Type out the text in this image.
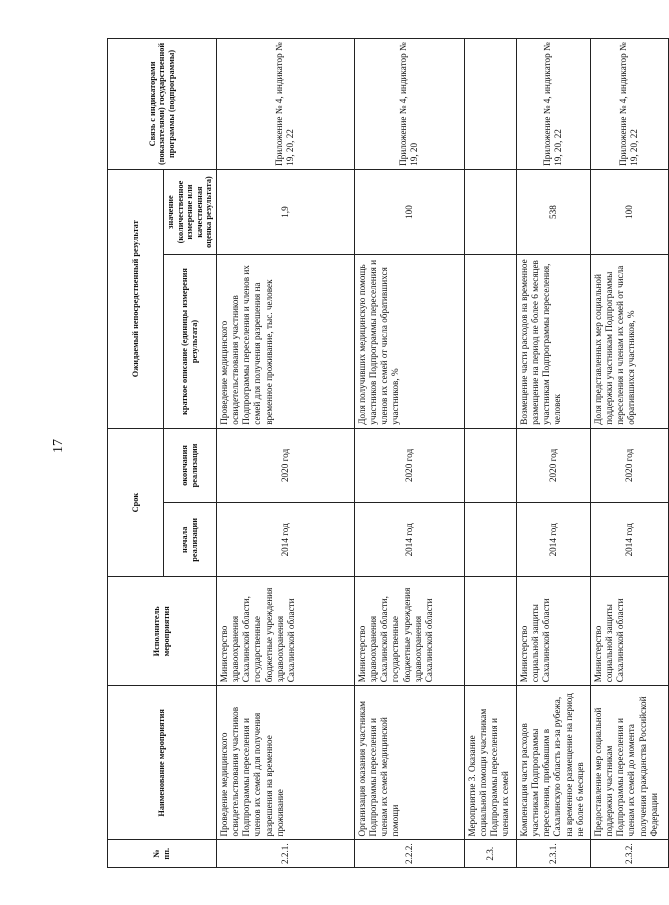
17
№ пп.	Наименование мероприятия	Исполнитель мероприятия	Срок		Ожидаемый непосредственный результат		Связь с индикаторами (показателями) государственной программы (подпрограммы)
			начала реализации	окончания реализации	краткое описание (единицы измерения результата)	значение (количественное измерение или качественная оценка результата)	
2.2.1.	Проведение медицинского освидетельствования участников Подпрограммы переселения и членов их семей для получения разрешения на временное проживание	Министерство здравоохранения Сахалинской области, государственные бюджетные учреждения здравоохранения Сахалинской области	2014 год	2020 год	Проведение медицинского освидетельствования участников Подпрограммы переселения и членов их семей для получения разрешения на временное проживание, тыс. человек	1,9	Приложение № 4, индикатор № 19, 20, 22
2.2.2.	Организация оказания участникам Подпрограммы переселения и членам их семей медицинской помощи	Министерство здравоохранения Сахалинской области, государственные бюджетные учреждения здравоохранения Сахалинской области	2014 год	2020 год	Доля получивших медицинскую помощь участников Подпрограммы переселения и членов их семей от числа обратившихся участников, %	100	Приложение № 4, индикатор № 19, 20
2.3.	Мероприятие 3. Оказание социальной помощи участникам Подпрограммы переселения и членам их семей						
2.3.1.	Компенсация части расходов участникам Подпрограммы переселения, прибывшим в Сахалинскую область из-за рубежа, на временное размещение на период не более 6 месяцев	Министерство социальной защиты Сахалинской области	2014 год	2020 год	Возмещение части расходов на временное размещение на период не более 6 месяцев участникам Подпрограммы переселения, человек	538	Приложение № 4, индикатор № 19, 20, 22
2.3.2.	Предоставление мер социальной поддержки участникам Подпрограммы переселения и членам их семей до момента получения гражданства Российской Федерации	Министерство социальной защиты Сахалинской области	2014 год	2020 год	Доля представленных мер социальной поддержки участникам Подпрограммы переселения и членам их семей от числа обратившихся участников, %	100	Приложение № 4, индикатор № 19, 20, 22
